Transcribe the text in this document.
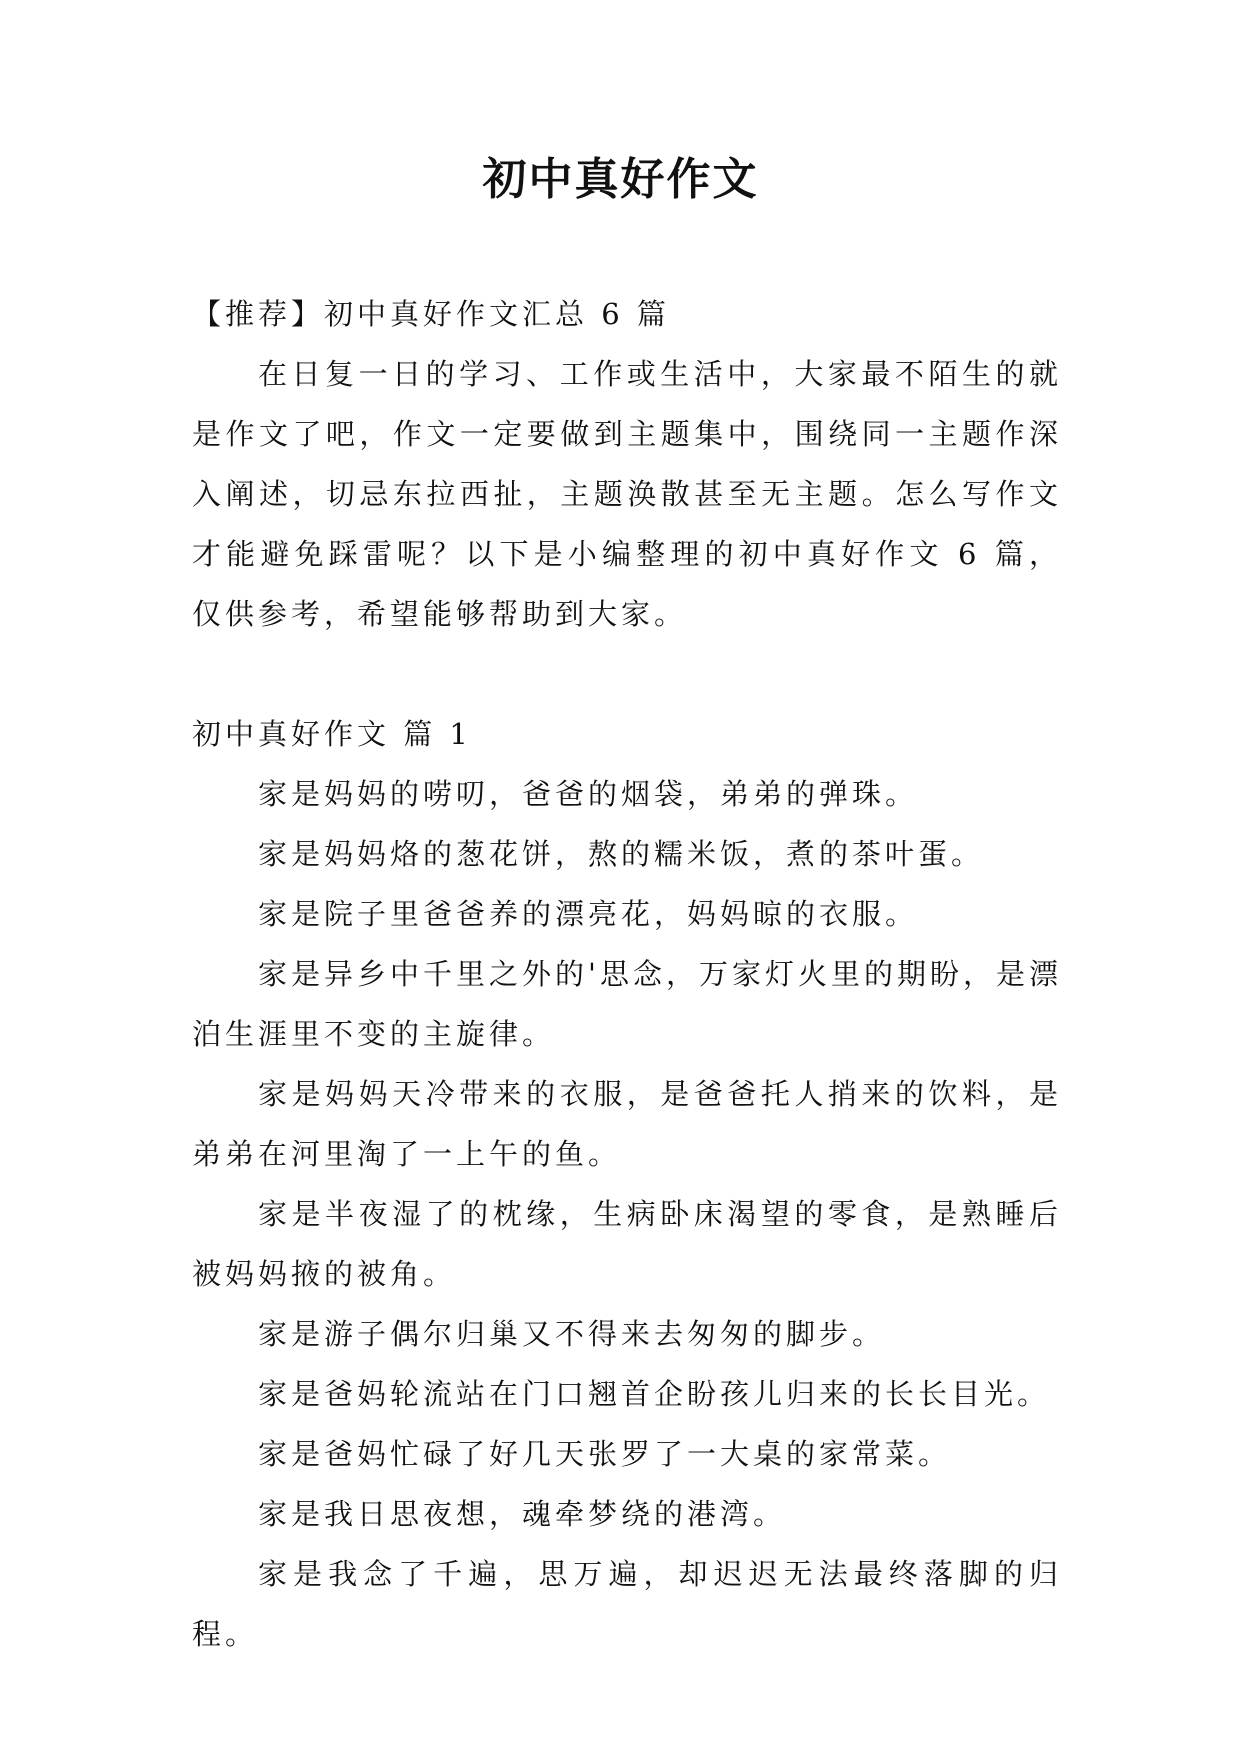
初中真好作文

【推荐】初中真好作文汇总 6 篇

在日复一日的学习、工作或生活中，大家最不陌生的就是作文了吧，作文一定要做到主题集中，围绕同一主题作深入阐述，切忌东拉西扯，主题涣散甚至无主题。怎么写作文才能避免踩雷呢？以下是小编整理的初中真好作文 6 篇，仅供参考，希望能够帮助到大家。

初中真好作文 篇 1

家是妈妈的唠叨，爸爸的烟袋，弟弟的弹珠。

家是妈妈烙的葱花饼，熬的糯米饭，煮的茶叶蛋。

家是院子里爸爸养的漂亮花，妈妈晾的衣服。

家是异乡中千里之外的'思念，万家灯火里的期盼，是漂泊生涯里不变的主旋律。

家是妈妈天冷带来的衣服，是爸爸托人捎来的饮料，是弟弟在河里淘了一上午的鱼。

家是半夜湿了的枕缘，生病卧床渴望的零食，是熟睡后被妈妈掖的被角。

家是游子偶尔归巢又不得来去匆匆的脚步。

家是爸妈轮流站在门口翘首企盼孩儿归来的长长目光。

家是爸妈忙碌了好几天张罗了一大桌的家常菜。

家是我日思夜想，魂牵梦绕的港湾。

家是我念了千遍，思万遍，却迟迟无法最终落脚的归程。
